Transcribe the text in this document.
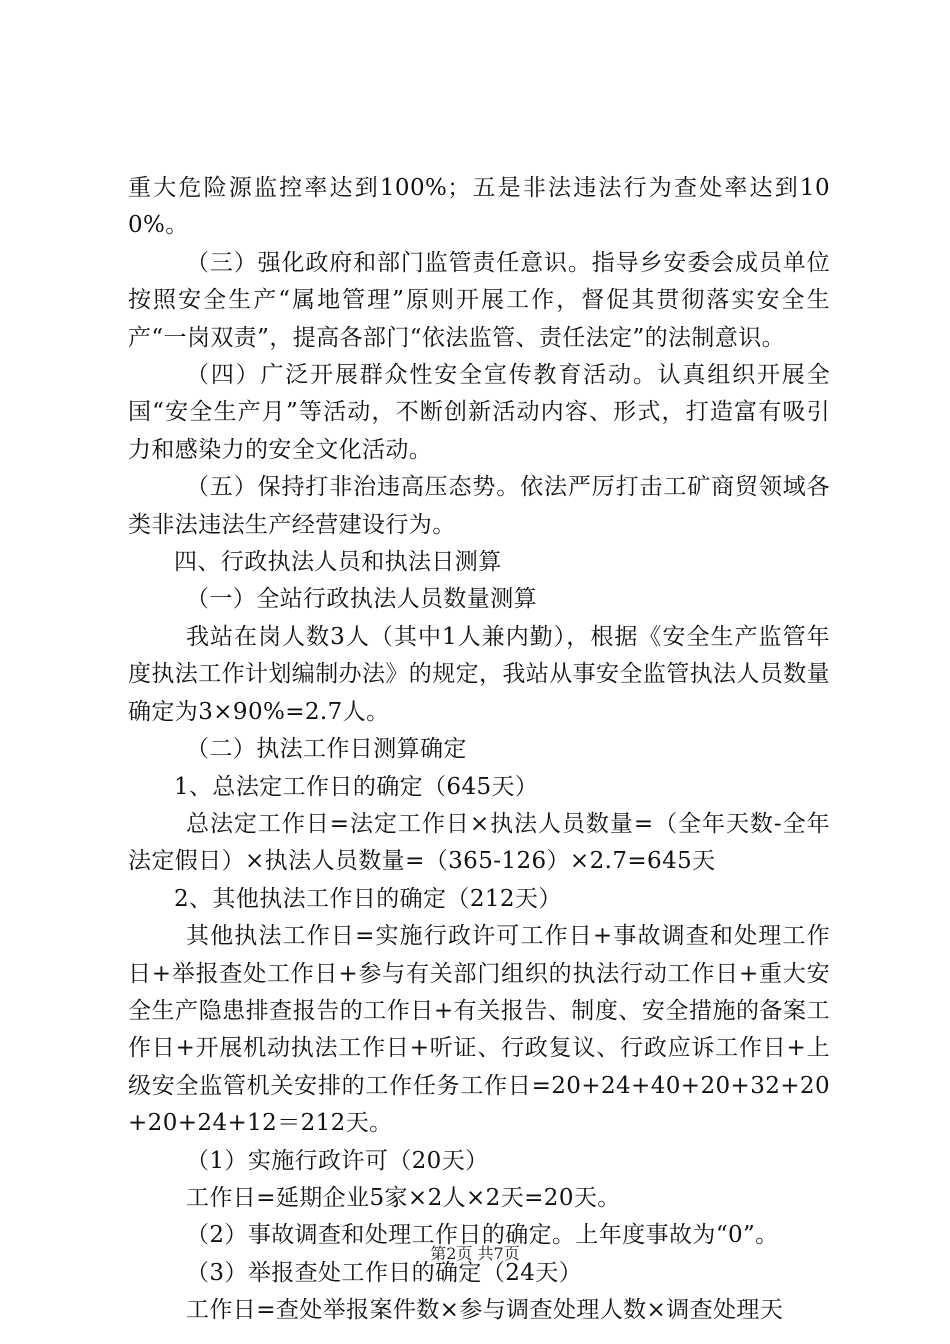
重大危险源监控率达到100%；五是非法违法行为查处率达到100%。

（三）强化政府和部门监管责任意识。指导乡安委会成员单位按照安全生产“属地管理”原则开展工作，督促其贯彻落实安全生产“一岗双责”，提高各部门“依法监管、责任法定”的法制意识。

（四）广泛开展群众性安全宣传教育活动。认真组织开展全国“安全生产月”等活动，不断创新活动内容、形式，打造富有吸引力和感染力的安全文化活动。

（五）保持打非治违高压态势。依法严厉打击工矿商贸领域各类非法违法生产经营建设行为。

四、行政执法人员和执法日测算

（一）全站行政执法人员数量测算

我站在岗人数3人（其中1人兼内勤），根据《安全生产监管年度执法工作计划编制办法》的规定，我站从事安全监管执法人员数量确定为3×90%=2.7人。

（二）执法工作日测算确定

1、总法定工作日的确定（645天）

总法定工作日=法定工作日×执法人员数量=（全年天数-全年法定假日）×执法人员数量=（365-126）×2.7=645天

2、其他执法工作日的确定（212天）

其他执法工作日=实施行政许可工作日+事故调查和处理工作日+举报查处工作日+参与有关部门组织的执法行动工作日+重大安全生产隐患排查报告的工作日+有关报告、制度、安全措施的备案工作日+开展机动执法工作日+听证、行政复议、行政应诉工作日+上级安全监管机关安排的工作任务工作日=20+24+40+20+32+20+20+24+12＝212天。

（1）实施行政许可（20天）

工作日=延期企业5家×2人×2天=20天。

（2）事故调查和处理工作日的确定。上年度事故为“0”。

（3）举报查处工作日的确定（24天）

工作日=查处举报案件数×参与调查处理人数×调查处理天

第2页 共7页
